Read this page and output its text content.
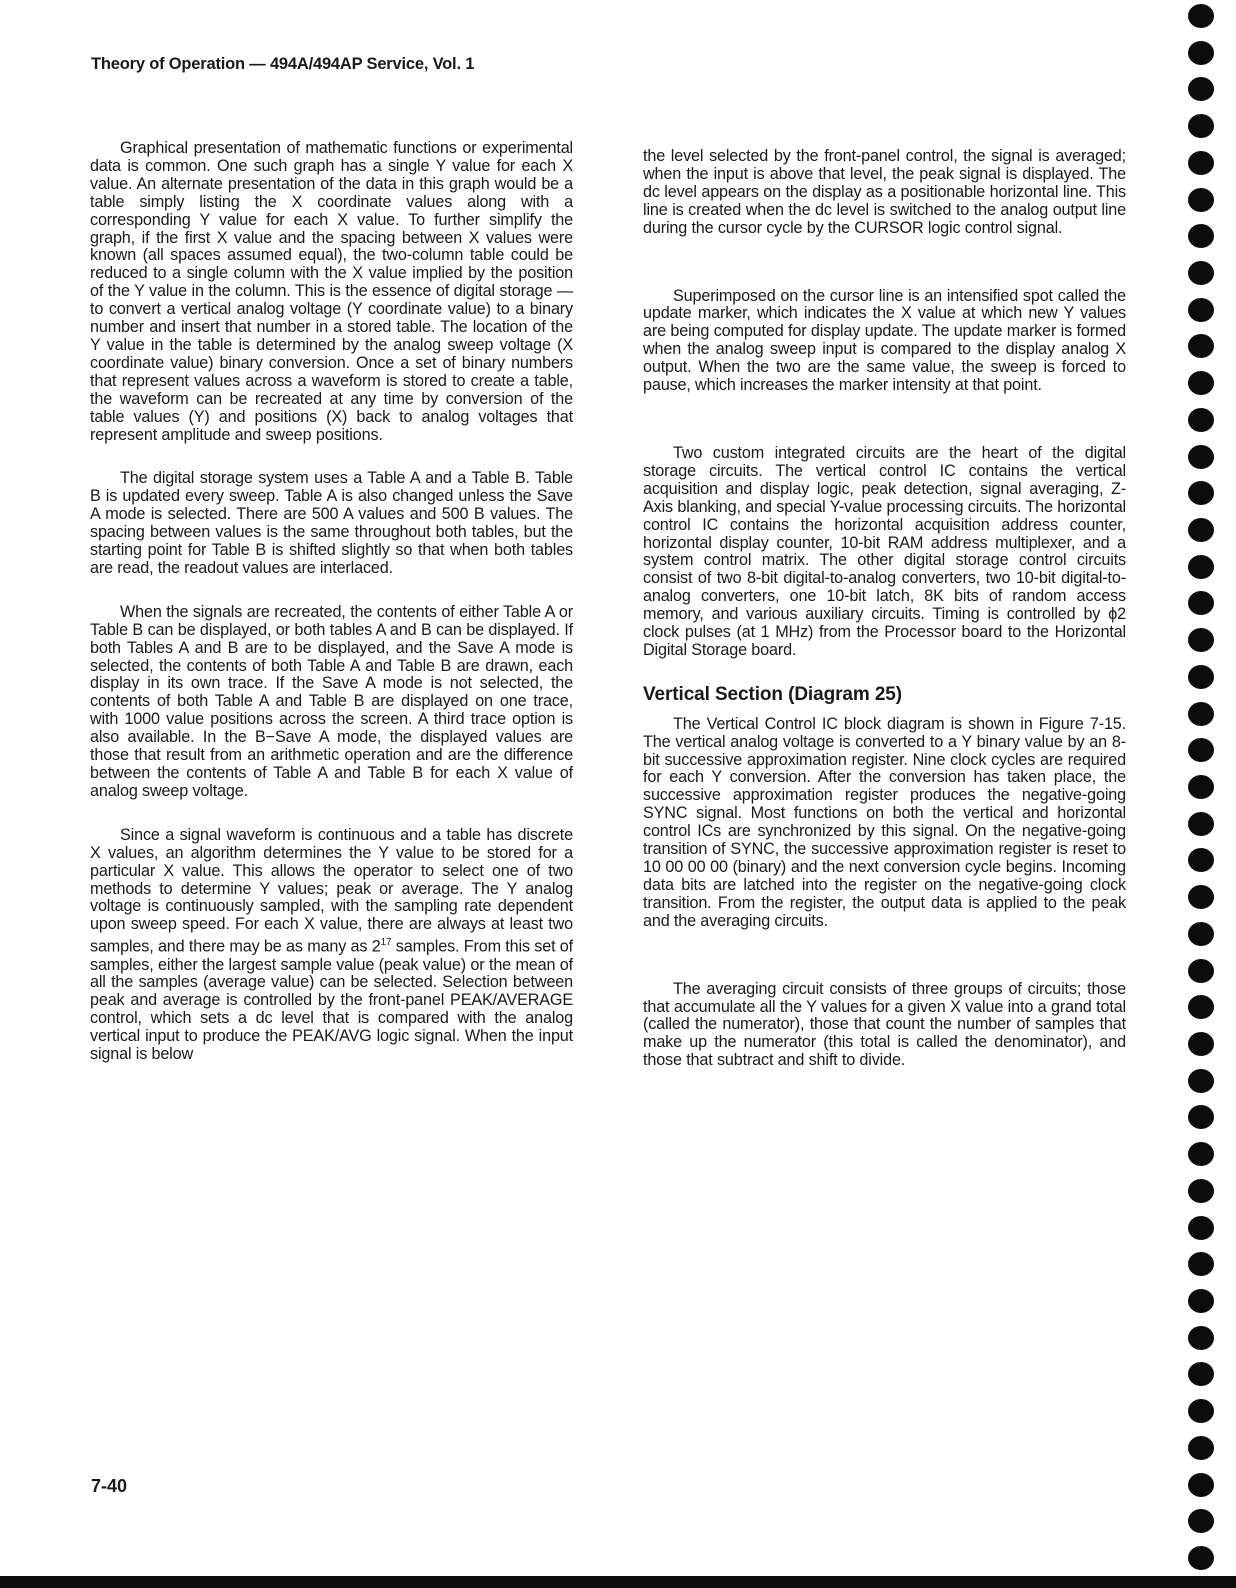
Theory of Operation — 494A/494AP Service, Vol. 1

Graphical presentation of mathematic functions or experimental data is common. One such graph has a single Y value for each X value. An alternate presentation of the data in this graph would be a table simply listing the X coordinate values along with a corresponding Y value for each X value. To further simplify the graph, if the first X value and the spacing between X values were known (all spaces assumed equal), the two-column table could be reduced to a single column with the X value implied by the position of the Y value in the column. This is the essence of digital storage — to convert a vertical analog voltage (Y coordinate value) to a binary number and insert that number in a stored table. The location of the Y value in the table is determined by the analog sweep voltage (X coordinate value) binary conversion. Once a set of binary numbers that represent values across a waveform is stored to create a table, the waveform can be recreated at any time by conversion of the table values (Y) and positions (X) back to analog voltages that represent amplitude and sweep positions.

The digital storage system uses a Table A and a Table B. Table B is updated every sweep. Table A is also changed unless the Save A mode is selected. There are 500 A values and 500 B values. The spacing between values is the same throughout both tables, but the starting point for Table B is shifted slightly so that when both tables are read, the readout values are interlaced.

When the signals are recreated, the contents of either Table A or Table B can be displayed, or both tables A and B can be displayed. If both Tables A and B are to be displayed, and the Save A mode is selected, the contents of both Table A and Table B are drawn, each display in its own trace. If the Save A mode is not selected, the contents of both Table A and Table B are displayed on one trace, with 1000 value positions across the screen. A third trace option is also available. In the B−Save A mode, the displayed values are those that result from an arithmetic operation and are the difference between the contents of Table A and Table B for each X value of analog sweep voltage.

Since a signal waveform is continuous and a table has discrete X values, an algorithm determines the Y value to be stored for a particular X value. This allows the operator to select one of two methods to determine Y values; peak or average. The Y analog voltage is continuously sampled, with the sampling rate dependent upon sweep speed. For each X value, there are always at least two samples, and there may be as many as $2^{17}$ samples. From this set of samples, either the largest sample value (peak value) or the mean of all the samples (average value) can be selected. Selection between peak and average is controlled by the front-panel PEAK/AVERAGE control, which sets a dc level that is compared with the analog vertical input to produce the PEAK/AVG logic signal. When the input signal is below

the level selected by the front-panel control, the signal is averaged; when the input is above that level, the peak signal is displayed. The dc level appears on the display as a positionable horizontal line. This line is created when the dc level is switched to the analog output line during the cursor cycle by the CURSOR logic control signal.

Superimposed on the cursor line is an intensified spot called the update marker, which indicates the X value at which new Y values are being computed for display update. The update marker is formed when the analog sweep input is compared to the display analog X output. When the two are the same value, the sweep is forced to pause, which increases the marker intensity at that point.

Two custom integrated circuits are the heart of the digital storage circuits. The vertical control IC contains the vertical acquisition and display logic, peak detection, signal averaging, Z-Axis blanking, and special Y-value processing circuits. The horizontal control IC contains the horizontal acquisition address counter, horizontal display counter, 10-bit RAM address multiplexer, and a system control matrix. The other digital storage control circuits consist of two 8-bit digital-to-analog converters, two 10-bit digital-to-analog converters, one 10-bit latch, 8K bits of random access memory, and various auxiliary circuits. Timing is controlled by ϕ2 clock pulses (at 1 MHz) from the Processor board to the Horizontal Digital Storage board.

Vertical Section (Diagram 25)

The Vertical Control IC block diagram is shown in Figure 7-15. The vertical analog voltage is converted to a Y binary value by an 8-bit successive approximation register. Nine clock cycles are required for each Y conversion. After the conversion has taken place, the successive approximation register produces the negative-going SYNC signal. Most functions on both the vertical and horizontal control ICs are synchronized by this signal. On the negative-going transition of SYNC, the successive approximation register is reset to 10 00 00 00 (binary) and the next conversion cycle begins. Incoming data bits are latched into the register on the negative-going clock transition. From the register, the output data is applied to the peak and the averaging circuits.

The averaging circuit consists of three groups of circuits; those that accumulate all the Y values for a given X value into a grand total (called the numerator), those that count the number of samples that make up the numerator (this total is called the denominator), and those that subtract and shift to divide.

7-40
